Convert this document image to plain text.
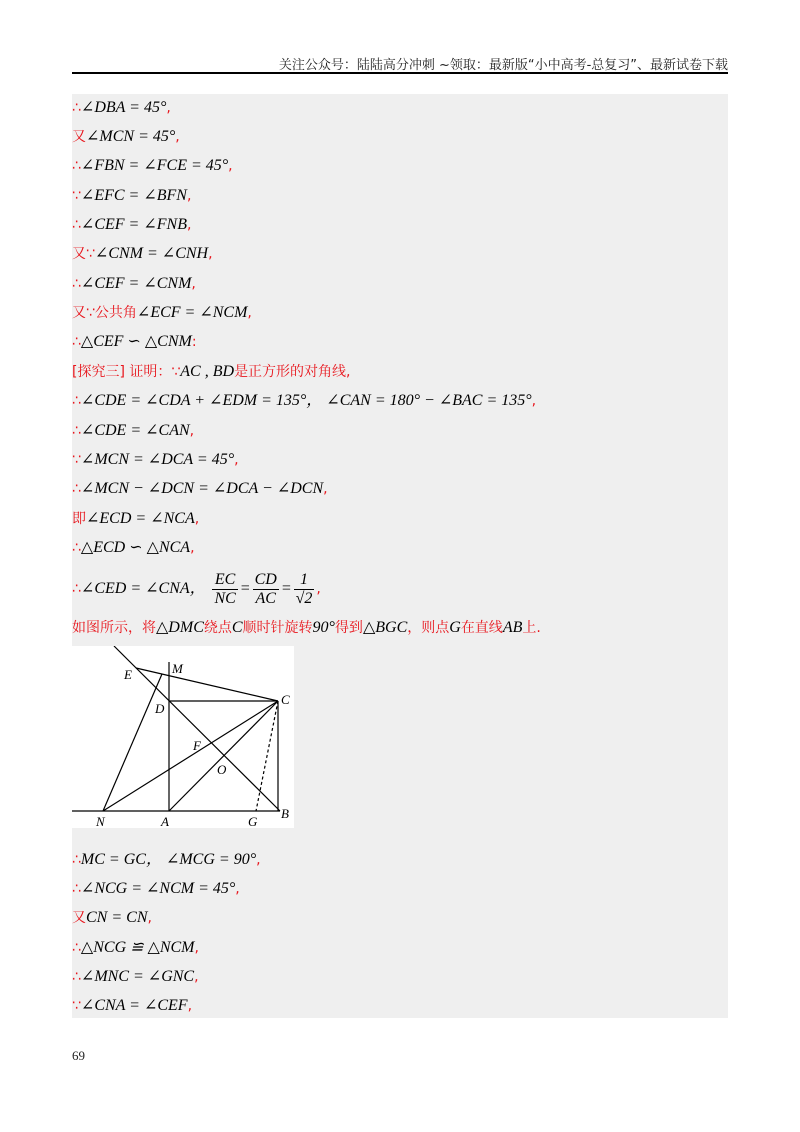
关注公众号：陆陆高分冲刺 ~领取：最新版“小中高考-总复习”、最新试卷下载
∴∠DBA = 45°,
又∠MCN = 45°,
∴∠FBN = ∠FCE = 45°,
∵∠EFC = ∠BFN,
∴∠CEF = ∠FNB,
又∵∠CNM = ∠CNH,
∴∠CEF = ∠CNM,
又∵公共角∠ECF = ∠NCM,
∴△CEF ∽ △CNM:
[探究三] 证明：∵AC , BD是正方形的对角线,
∴∠CDE = ∠CDA + ∠EDM = 135°， ∠CAN = 180° − ∠BAC = 135°,
∴∠CDE = ∠CAN,
∵∠MCN = ∠DCA = 45°,
∴∠MCN − ∠DCN = ∠DCA − ∠DCN,
即∠ECD = ∠NCA,
∴△ECD ∽ △NCA,
∴∠CED = ∠CNA， $\frac{EC}{NC} = \frac{CD}{AC} = \frac{1}{√2}$ ,
如图所示，将△DMC绕点C顺时针旋转90°得到△BGC，则点G在直线AB上.
M
E
D
C
F
O
N	A	G
B
∴MC = GC， ∠MCG = 90°,
∴∠NCG = ∠NCM = 45°,
又CN = CN,
∴△NCG ≌ △NCM,
∴∠MNC = ∠GNC,
∵∠CNA = ∠CEF,
69
